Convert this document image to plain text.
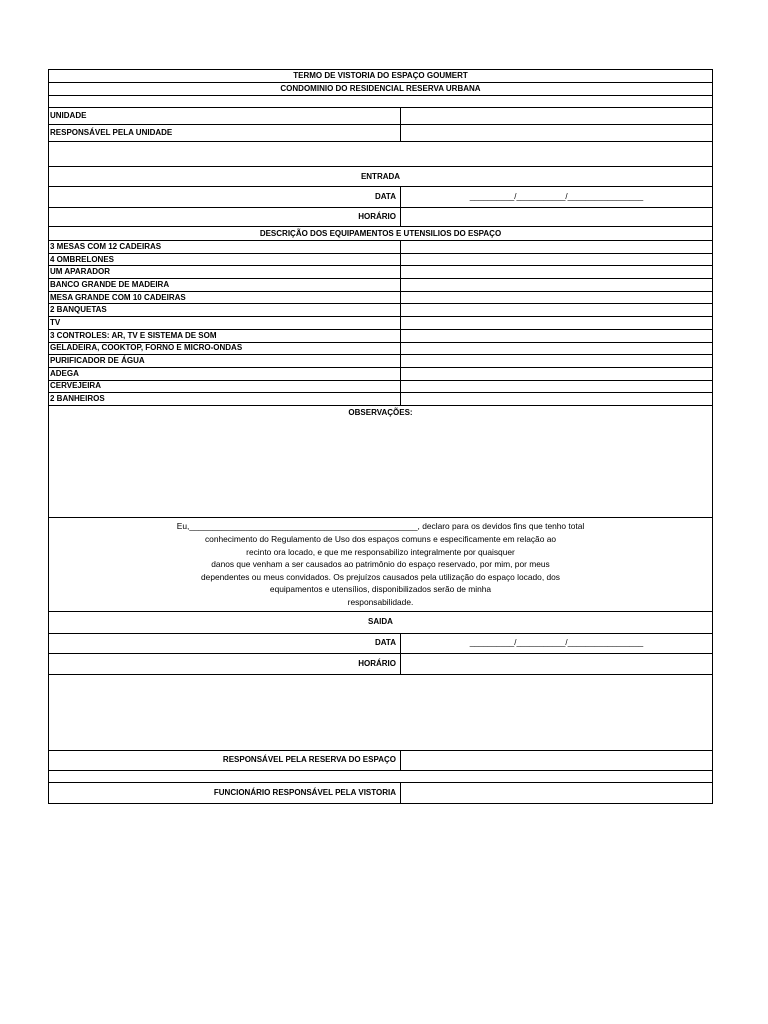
TERMO DE VISTORIA DO ESPAÇO GOUMERT
CONDOMINIO DO RESIDENCIAL RESERVA URBANA
UNIDADE
RESPONSÁVEL PELA UNIDADE
ENTRADA
DATA	__________/___________/_________________
HORÁRIO
DESCRIÇÃO DOS EQUIPAMENTOS E UTENSILIOS DO ESPAÇO
3 MESAS COM 12 CADEIRAS
4 OMBRELONES
UM APARADOR
BANCO GRANDE DE MADEIRA
MESA GRANDE COM 10 CADEIRAS
2 BANQUETAS
TV
3 CONTROLES: AR, TV E SISTEMA DE SOM
GELADEIRA, COOKTOP, FORNO E MICRO-ONDAS
PURIFICADOR DE ÁGUA
ADEGA
CERVEJEIRA
2 BANHEIROS
OBSERVAÇÕES:
Eu,_________________________________________________, declaro para os devidos fins que tenho total
conhecimento do Regulamento de Uso dos espaços comuns e especificamente em relação ao
recinto ora locado, e que me responsabilizo integralmente por quaisquer
danos que venham a ser causados ao patrimônio do espaço reservado, por mim, por meus
dependentes ou meus convidados. Os prejuízos causados pela utilização do espaço locado, dos
equipamentos e utensílios, disponibilizados serão de minha
responsabilidade.
SAIDA
DATA	__________/___________/_________________
HORÁRIO
RESPONSÁVEL PELA RESERVA DO ESPAÇO
FUNCIONÁRIO RESPONSÁVEL PELA VISTORIA
